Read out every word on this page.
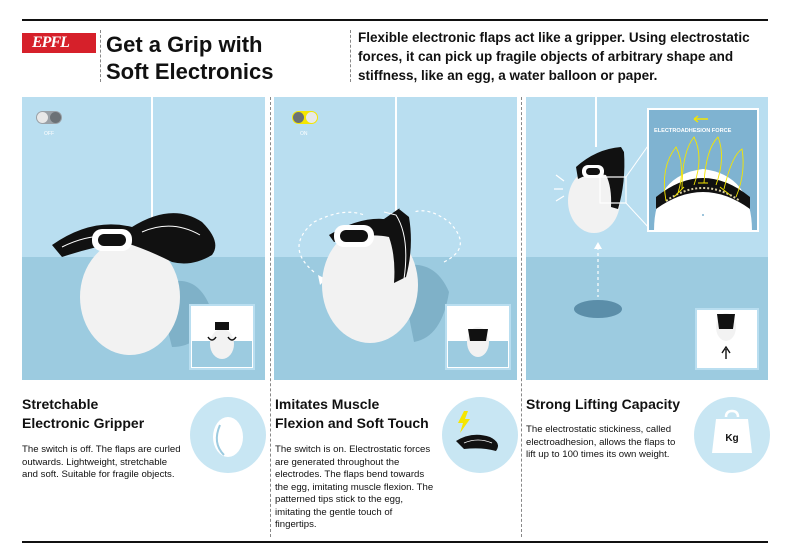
EPFL Get a Grip with
Soft Electronics
Flexible electronic flaps act like a gripper. Using electrostatic forces, it can pick up fragile objects of arbitrary shape and stiffness, like an egg, a water balloon or paper.
OFF	ON	ELECTROADHESION FORCE
Stretchable
Electronic Gripper
The switch is off. The flaps are curled outwards. Lightweight, stretchable and soft. Suitable for fragile objects.
Imitates Muscle
Flexion and Soft Touch
The switch is on. Electrostatic forces are generated throughout the electrodes. The flaps bend towards the egg, imitating muscle flexion. The patterned tips stick to the egg, imitating the gentle touch of fingertips.
Strong Lifting Capacity
The electrostatic stickiness, called electroadhesion, allows the flaps to lift up to 100 times its own weight.
Kg
